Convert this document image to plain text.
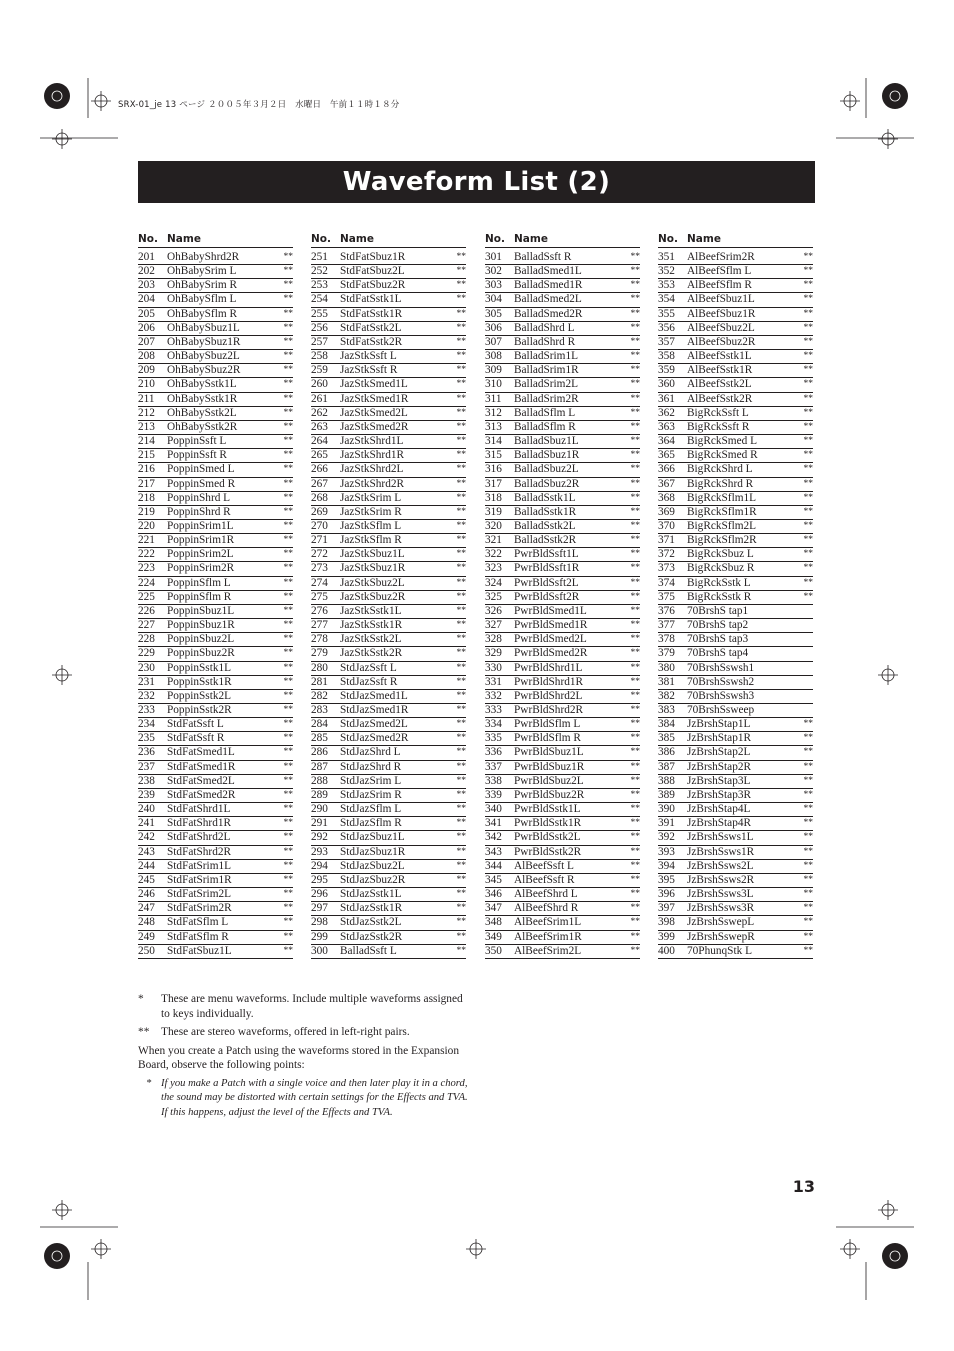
SRX-01_je 13 ページ ２００５年３月２日　水曜日　午前１１時１８分
Waveform List (2)
No. Name
201	OhBabyShrd2R	**
202	OhBabySrim L	**
203	OhBabySrim R	**
204	OhBabySflm L	**
205	OhBabySflm R	**
206	OhBabySbuz1L	**
207	OhBabySbuz1R	**
208	OhBabySbuz2L	**
209	OhBabySbuz2R	**
210	OhBabySstk1L	**
211	OhBabySstk1R	**
212	OhBabySstk2L	**
213	OhBabySstk2R	**
214	PoppinSsft L	**
215	PoppinSsft R	**
216	PoppinSmed L	**
217	PoppinSmed R	**
218	PoppinShrd L	**
219	PoppinShrd R	**
220	PoppinSrim1L	**
221	PoppinSrim1R	**
222	PoppinSrim2L	**
223	PoppinSrim2R	**
224	PoppinSflm L	**
225	PoppinSflm R	**
226	PoppinSbuz1L	**
227	PoppinSbuz1R	**
228	PoppinSbuz2L	**
229	PoppinSbuz2R	**
230	PoppinSstk1L	**
231	PoppinSstk1R	**
232	PoppinSstk2L	**
233	PoppinSstk2R	**
234	StdFatSsft L	**
235	StdFatSsft R	**
236	StdFatSmed1L	**
237	StdFatSmed1R	**
238	StdFatSmed2L	**
239	StdFatSmed2R	**
240	StdFatShrd1L	**
241	StdFatShrd1R	**
242	StdFatShrd2L	**
243	StdFatShrd2R	**
244	StdFatSrim1L	**
245	StdFatSrim1R	**
246	StdFatSrim2L	**
247	StdFatSrim2R	**
248	StdFatSflm L	**
249	StdFatSflm R	**
250	StdFatSbuz1L	**
No. Name
251	StdFatSbuz1R	**
252	StdFatSbuz2L	**
253	StdFatSbuz2R	**
254	StdFatSstk1L	**
255	StdFatSstk1R	**
256	StdFatSstk2L	**
257	StdFatSstk2R	**
258	JazStkSsft L	**
259	JazStkSsft R	**
260	JazStkSmed1L	**
261	JazStkSmed1R	**
262	JazStkSmed2L	**
263	JazStkSmed2R	**
264	JazStkShrd1L	**
265	JazStkShrd1R	**
266	JazStkShrd2L	**
267	JazStkShrd2R	**
268	JazStkSrim L	**
269	JazStkSrim R	**
270	JazStkSflm L	**
271	JazStkSflm R	**
272	JazStkSbuz1L	**
273	JazStkSbuz1R	**
274	JazStkSbuz2L	**
275	JazStkSbuz2R	**
276	JazStkSstk1L	**
277	JazStkSstk1R	**
278	JazStkSstk2L	**
279	JazStkSstk2R	**
280	StdJazSsft L	**
281	StdJazSsft R	**
282	StdJazSmed1L	**
283	StdJazSmed1R	**
284	StdJazSmed2L	**
285	StdJazSmed2R	**
286	StdJazShrd L	**
287	StdJazShrd R	**
288	StdJazSrim L	**
289	StdJazSrim R	**
290	StdJazSflm L	**
291	StdJazSflm R	**
292	StdJazSbuz1L	**
293	StdJazSbuz1R	**
294	StdJazSbuz2L	**
295	StdJazSbuz2R	**
296	StdJazSstk1L	**
297	StdJazSstk1R	**
298	StdJazSstk2L	**
299	StdJazSstk2R	**
300	BalladSsft L	**
No. Name
301	BalladSsft R	**
302	BalladSmed1L	**
303	BalladSmed1R	**
304	BalladSmed2L	**
305	BalladSmed2R	**
306	BalladShrd L	**
307	BalladShrd R	**
308	BalladSrim1L	**
309	BalladSrim1R	**
310	BalladSrim2L	**
311	BalladSrim2R	**
312	BalladSflm L	**
313	BalladSflm R	**
314	BalladSbuz1L	**
315	BalladSbuz1R	**
316	BalladSbuz2L	**
317	BalladSbuz2R	**
318	BalladSstk1L	**
319	BalladSstk1R	**
320	BalladSstk2L	**
321	BalladSstk2R	**
322	PwrBldSsft1L	**
323	PwrBldSsft1R	**
324	PwrBldSsft2L	**
325	PwrBldSsft2R	**
326	PwrBldSmed1L	**
327	PwrBldSmed1R	**
328	PwrBldSmed2L	**
329	PwrBldSmed2R	**
330	PwrBldShrd1L	**
331	PwrBldShrd1R	**
332	PwrBldShrd2L	**
333	PwrBldShrd2R	**
334	PwrBldSflm L	**
335	PwrBldSflm R	**
336	PwrBldSbuz1L	**
337	PwrBldSbuz1R	**
338	PwrBldSbuz2L	**
339	PwrBldSbuz2R	**
340	PwrBldSstk1L	**
341	PwrBldSstk1R	**
342	PwrBldSstk2L	**
343	PwrBldSstk2R	**
344	AlBeefSsft L	**
345	AlBeefSsft R	**
346	AlBeefShrd L	**
347	AlBeefShrd R	**
348	AlBeefSrim1L	**
349	AlBeefSrim1R	**
350	AlBeefSrim2L	**
No. Name
351	AlBeefSrim2R	**
352	AlBeefSflm L	**
353	AlBeefSflm R	**
354	AlBeefSbuz1L	**
355	AlBeefSbuz1R	**
356	AlBeefSbuz2L	**
357	AlBeefSbuz2R	**
358	AlBeefSstk1L	**
359	AlBeefSstk1R	**
360	AlBeefSstk2L	**
361	AlBeefSstk2R	**
362	BigRckSsft L	**
363	BigRckSsft R	**
364	BigRckSmed L	**
365	BigRckSmed R	**
366	BigRckShrd L	**
367	BigRckShrd R	**
368	BigRckSflm1L	**
369	BigRckSflm1R	**
370	BigRckSflm2L	**
371	BigRckSflm2R	**
372	BigRckSbuz L	**
373	BigRckSbuz R	**
374	BigRckSstk L	**
375	BigRckSstk R	**
376	70BrshS tap1
377	70BrshS tap2
378	70BrshS tap3
379	70BrshS tap4
380	70BrshSswsh1
381	70BrshSswsh2
382	70BrshSswsh3
383	70BrshSsweep
384	JzBrshStap1L	**
385	JzBrshStap1R	**
386	JzBrshStap2L	**
387	JzBrshStap2R	**
388	JzBrshStap3L	**
389	JzBrshStap3R	**
390	JzBrshStap4L	**
391	JzBrshStap4R	**
392	JzBrshSsws1L	**
393	JzBrshSsws1R	**
394	JzBrshSsws2L	**
395	JzBrshSsws2R	**
396	JzBrshSsws3L	**
397	JzBrshSsws3R	**
398	JzBrshSswepL	**
399	JzBrshSswepR	**
400	70PhunqStk L	**
*	These are menu waveforms. Include multiple waveforms assigned to keys individually.
**	These are stereo waveforms, offered in left-right pairs.

When you create a Patch using the waveforms stored in the Expansion Board, observe the following points:

* If you make a Patch with a single voice and then later play it in a chord, the sound may be distorted with certain settings for the Effects and TVA. If this happens, adjust the level of the Effects and TVA.
13
